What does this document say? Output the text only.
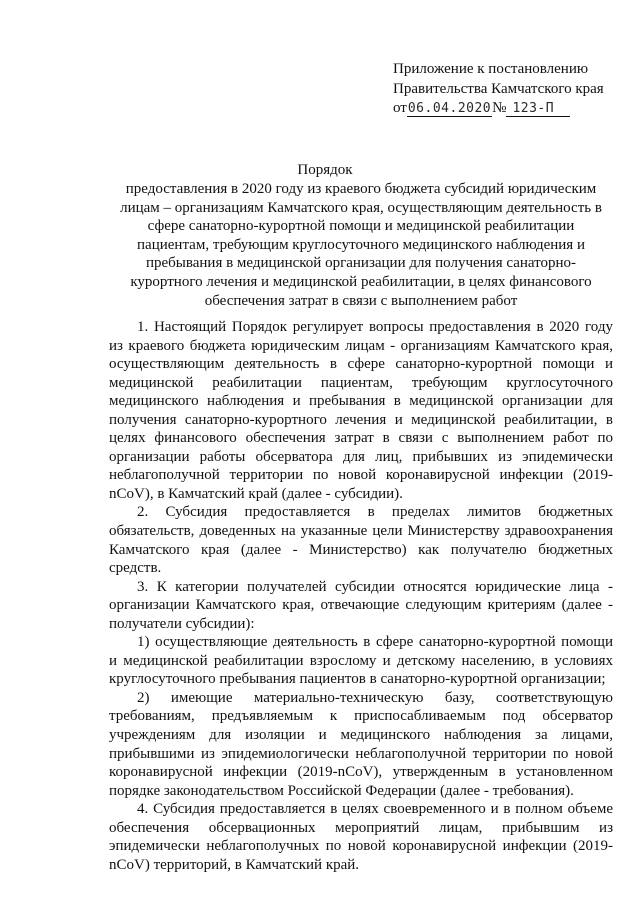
Приложение к постановлению
Правительства Камчатского края
от06.04.2020№ 123-П
Порядок
предоставления в 2020 году из краевого бюджета субсидий юридическим лицам – организациям Камчатского края, осуществляющим деятельность в сфере санаторно-курортной помощи и медицинской реабилитации пациентам, требующим круглосуточного медицинского наблюдения и пребывания в медицинской организации для получения санаторно-курортного лечения и медицинской реабилитации, в целях финансового обеспечения затрат в связи с выполнением работ

1. Настоящий Порядок регулирует вопросы предоставления в 2020 году из краевого бюджета юридическим лицам - организациям Камчатского края, осуществляющим деятельность в сфере санаторно-курортной помощи и медицинской реабилитации пациентам, требующим круглосуточного медицинского наблюдения и пребывания в медицинской организации для получения санаторно-курортного лечения и медицинской реабилитации, в целях финансового обеспечения затрат в связи с выполнением работ по организации работы обсерватора для лиц, прибывших из эпидемически неблагополучной территории по новой коронавирусной инфекции (2019-nCoV), в Камчатский край (далее - субсидии).

2. Субсидия предоставляется в пределах лимитов бюджетных обязательств, доведенных на указанные цели Министерству здравоохранения Камчатского края (далее - Министерство) как получателю бюджетных средств.

3. К категории получателей субсидии относятся юридические лица - организации Камчатского края, отвечающие следующим критериям (далее - получатели субсидии):

1) осуществляющие деятельность в сфере санаторно-курортной помощи и медицинской реабилитации взрослому и детскому населению, в условиях круглосуточного пребывания пациентов в санаторно-курортной организации;

2) имеющие материально-техническую базу, соответствующую требованиям, предъявляемым к приспосабливаемым под обсерватор учреждениям для изоляции и медицинского наблюдения за лицами, прибывшими из эпидемиологически неблагополучной территории по новой коронавирусной инфекции (2019-nCoV), утвержденным в установленном порядке законодательством Российской Федерации (далее - требования).

4. Субсидия предоставляется в целях своевременного и в полном объеме обеспечения обсервационных мероприятий лицам, прибывшим из эпидемически неблагополучных по новой коронавирусной инфекции (2019-nCoV) территорий, в Камчатский край.
